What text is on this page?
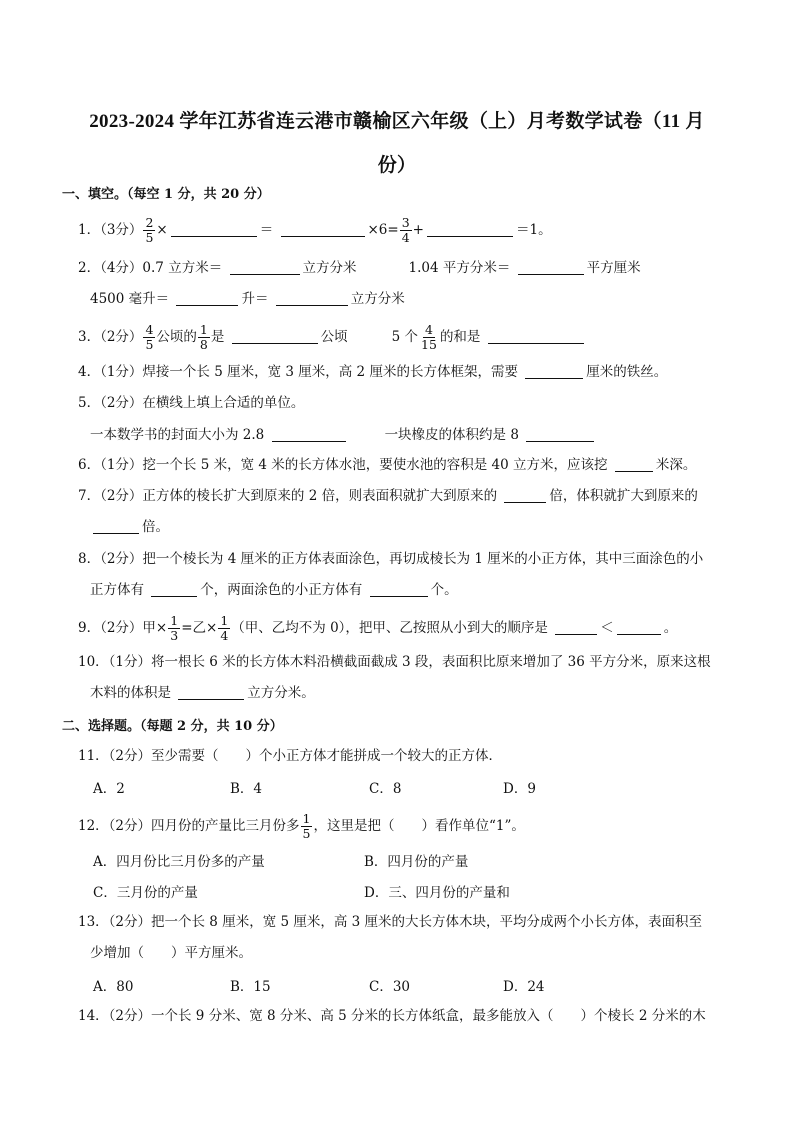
2023-2024 学年江苏省连云港市赣榆区六年级（上）月考数学试卷（11 月
份）
一、填空。（每空 1 分，共 20 分）
1．（3分） $\frac{2}{5}$ ×	＝	$\times 6= \frac{3}{4}$ +	＝1。
2．（4分）0.7 立方米＝	立方分米	1.04 平方分米＝	平方厘米
4500 毫升＝	升＝	立方分米
3．（2分） $\frac{4}{5}$ 公顷的 $\frac{1}{8}$ 是	公顷	5 个 $\frac{4}{15}$ 的和是
4．（1分）焊接一个长 5 厘米，宽 3 厘米，高 2 厘米的长方体框架，需要	厘米的铁丝。
5．（2分）在横线上填上合适的单位。
一本数学书的封面大小为 2.8	一块橡皮的体积约是 8
6．（1分）挖一个长 5 米，宽 4 米的长方体水池，要使水池的容积是 40 立方米，应该挖	米深。
7．（2分）正方体的棱长扩大到原来的 2 倍，则表面积就扩大到原来的	倍，体积就扩大到原来的
倍。
8．（2分）把一个棱长为 4 厘米的正方体表面涂色，再切成棱长为 1 厘米的小正方体，其中三面涂色的小
正方体有	个，两面涂色的小正方体有	个。
9．（2分）甲× $\frac{1}{3}$ =乙× $\frac{1}{4}$ （甲、乙均不为 0），把甲、乙按照从小到大的顺序是	＜	。
10．（1分）将一根长 6 米的长方体木料沿横截面截成 3 段，表面积比原来增加了 36 平方分米，原来这根
木料的体积是	立方分米。
二、选择题。（每题 2 分，共 10 分）
11．（2分）至少需要（　　）个小正方体才能拼成一个较大的正方体．
A．2	B．4	C．8	D．9
12．（2分）四月份的产量比三月份多 $\frac{1}{5}$ ，这里是把（　　）看作单位“1”。
A．四月份比三月份多的产量	B．四月份的产量
C．三月份的产量	D．三、四月份的产量和
13．（2分）把一个长 8 厘米，宽 5 厘米，高 3 厘米的大长方体木块，平均分成两个小长方体，表面积至
少增加（　　）平方厘米。
A．80	B．15	C．30	D．24
14．（2分）一个长 9 分米、宽 8 分米、高 5 分米的长方体纸盒，最多能放入（　　）个棱长 2 分米的木
